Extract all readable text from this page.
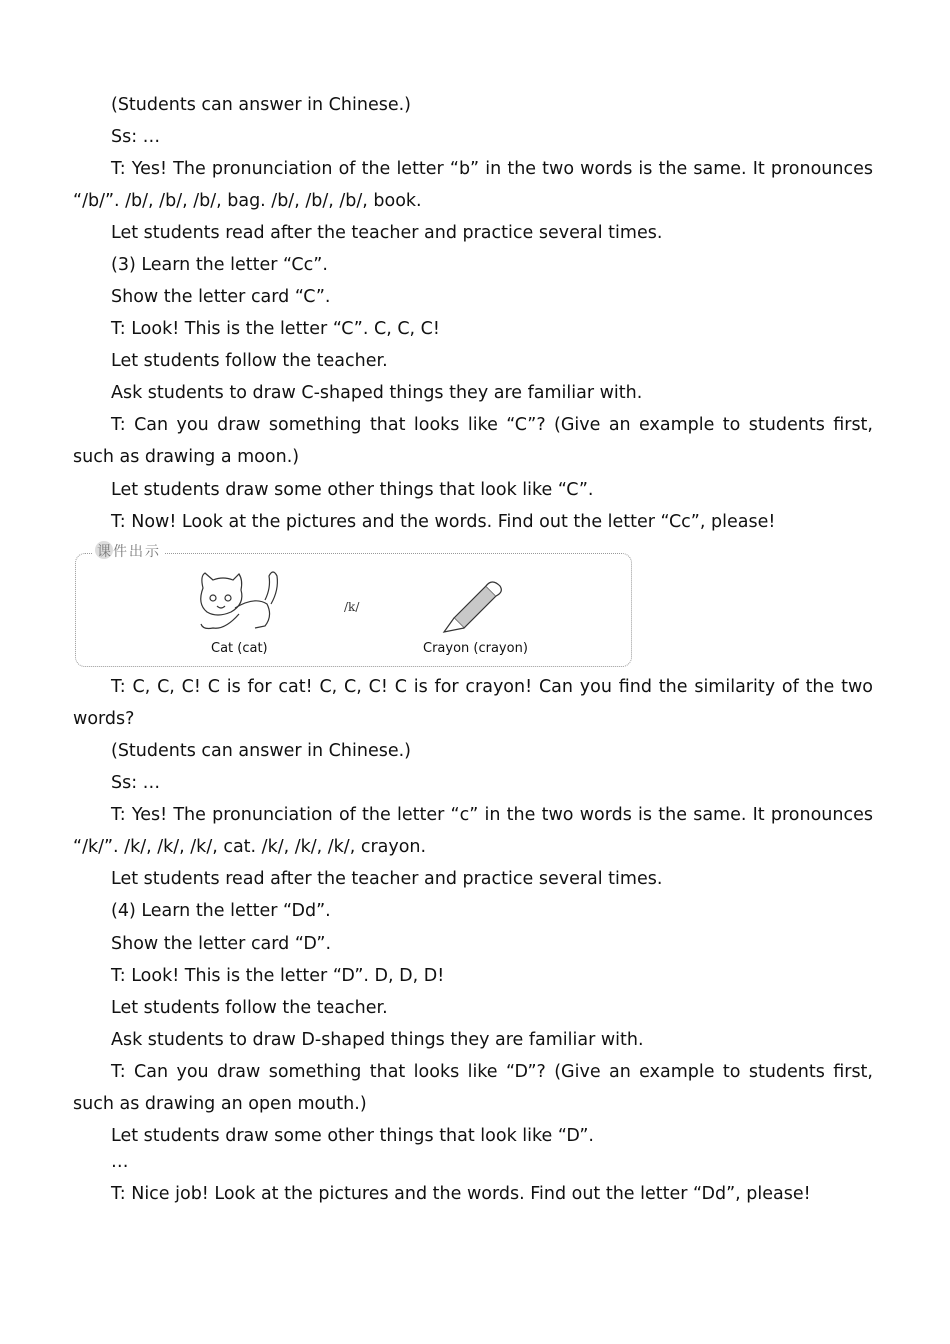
(Students can answer in Chinese.)

Ss: …

T: Yes! The pronunciation of the letter “b” in the two words is the same. It pronounces “/b/”. /b/, /b/, /b/, bag. /b/, /b/, /b/, book.

Let students read after the teacher and practice several times.

(3) Learn the letter “Cc”.

Show the letter card “C”.

T: Look! This is the letter “C”. C, C, C!

Let students follow the teacher.

Ask students to draw C-shaped things they are familiar with.

T: Can you draw something that looks like “C”? (Give an example to students first, such as drawing a moon.)

Let students draw some other things that look like “C”.

T: Now! Look at the pictures and the words. Find out the letter “Cc”, please!

课件出示
/k/
Cat (cat)	Crayon (crayon)

T: C, C, C! C is for cat! C, C, C! C is for crayon! Can you find the similarity of the two words?

(Students can answer in Chinese.)

Ss: …

T: Yes! The pronunciation of the letter “c” in the two words is the same. It pronounces “/k/”. /k/, /k/, /k/, cat. /k/, /k/, /k/, crayon.

Let students read after the teacher and practice several times.

(4) Learn the letter “Dd”.

Show the letter card “D”.

T: Look! This is the letter “D”. D, D, D!

Let students follow the teacher.

Ask students to draw D-shaped things they are familiar with.

T: Can you draw something that looks like “D”? (Give an example to students first, such as drawing an open mouth.)

Let students draw some other things that look like “D”.

…

T: Nice job! Look at the pictures and the words. Find out the letter “Dd”, please!
